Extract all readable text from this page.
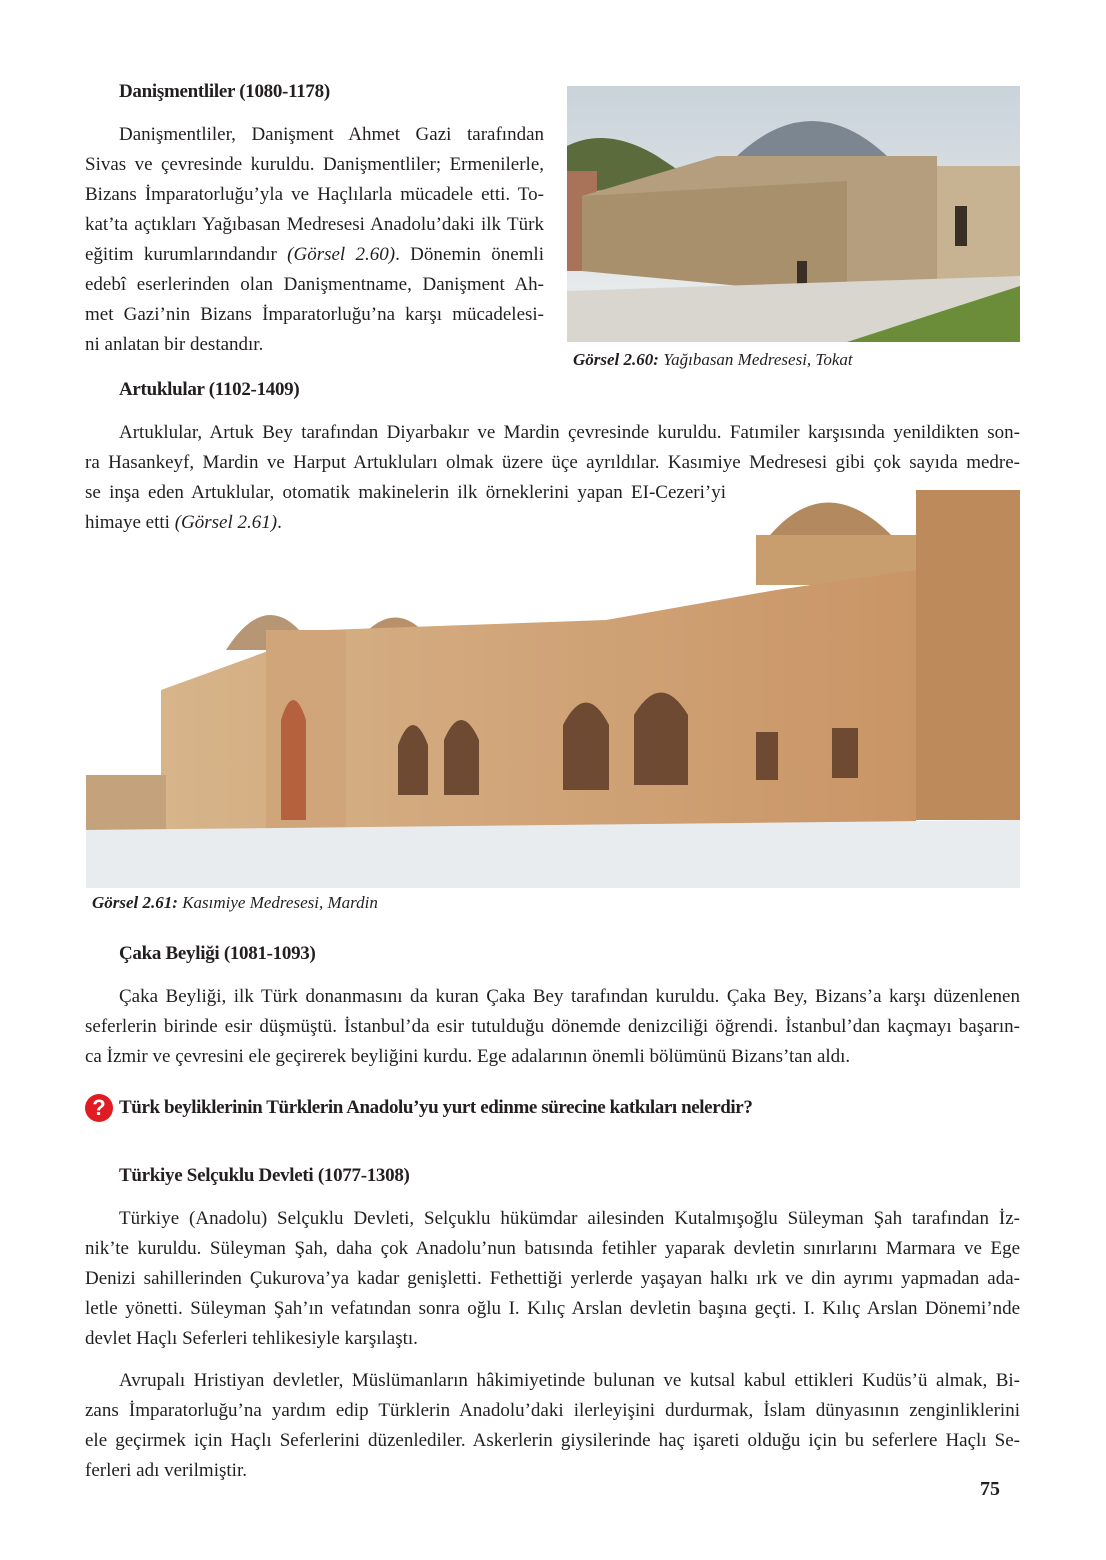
Danişmentliler (1080-1178)
Danişmentliler, Danişment Ahmet Gazi tarafından
Sivas ve çevresinde kuruldu. Danişmentliler; Ermenilerle,
Bizans İmparatorluğu’yla ve Haçlılarla mücadele etti. To-
kat’ta açtıkları Yağıbasan Medresesi Anadolu’daki ilk Türk
eğitim kurumlarındandır (Görsel 2.60). Dönemin önemli
edebî eserlerinden olan Danişmentname, Danişment Ah-
met Gazi’nin Bizans İmparatorluğu’na karşı mücadelesi-
ni anlatan bir destandır.
Görsel 2.60: Yağıbasan Medresesi, Tokat
Artuklular (1102-1409)
Artuklular, Artuk Bey tarafından Diyarbakır ve Mardin çevresinde kuruldu. Fatımiler karşısında yenildikten son-
ra Hasankeyf, Mardin ve Harput Artukluları olmak üzere üçe ayrıldılar. Kasımiye Medresesi gibi çok sayıda medre-
se inşa eden Artuklular, otomatik makinelerin ilk örneklerini yapan EI-Cezeri’yi
himaye etti (Görsel 2.61).
Görsel 2.61: Kasımiye Medresesi, Mardin
Çaka Beyliği (1081-1093)
Çaka Beyliği, ilk Türk donanmasını da kuran Çaka Bey tarafından kuruldu. Çaka Bey, Bizans’a karşı düzenlenen
seferlerin birinde esir düşmüştü. İstanbul’da esir tutulduğu dönemde denizciliği öğrendi. İstanbul’dan kaçmayı başarın-
ca İzmir ve çevresini ele geçirerek beyliğini kurdu. Ege adalarının önemli bölümünü Bizans’tan aldı.
? Türk beyliklerinin Türklerin Anadolu’yu yurt edinme sürecine katkıları nelerdir?
Türkiye Selçuklu Devleti (1077-1308)
Türkiye (Anadolu) Selçuklu Devleti, Selçuklu hükümdar ailesinden Kutalmışoğlu Süleyman Şah tarafından İz-
nik’te kuruldu. Süleyman Şah, daha çok Anadolu’nun batısında fetihler yaparak devletin sınırlarını Marmara ve Ege
Denizi sahillerinden Çukurova’ya kadar genişletti. Fethettiği yerlerde yaşayan halkı ırk ve din ayrımı yapmadan ada-
letle yönetti. Süleyman Şah’ın vefatından sonra oğlu I. Kılıç Arslan devletin başına geçti. I. Kılıç Arslan Dönemi’nde
devlet Haçlı Seferleri tehlikesiyle karşılaştı.
Avrupalı Hristiyan devletler, Müslümanların hâkimiyetinde bulunan ve kutsal kabul ettikleri Kudüs’ü almak, Bi-
zans İmparatorluğu’na yardım edip Türklerin Anadolu’daki ilerleyişini durdurmak, İslam dünyasının zenginliklerini
ele geçirmek için Haçlı Seferlerini düzenlediler. Askerlerin giysilerinde haç işareti olduğu için bu seferlere Haçlı Se-
ferleri adı verilmiştir.
75
